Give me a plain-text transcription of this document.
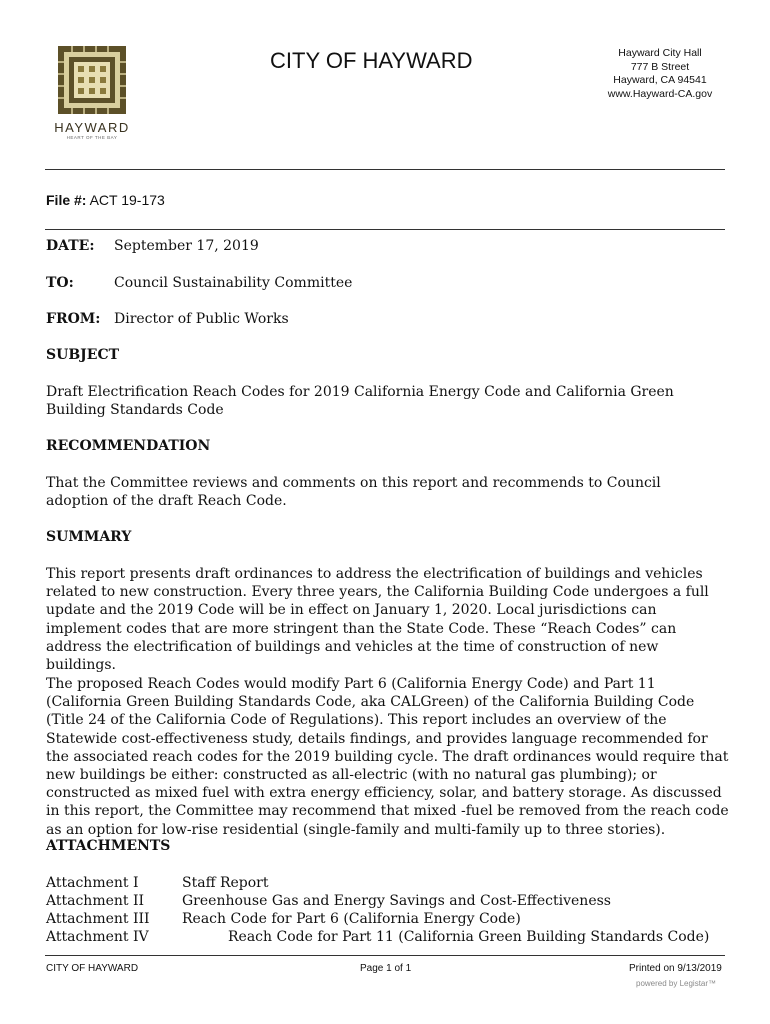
HAYWARD
HEART OF THE BAY
CITY OF HAYWARD	Hayward City Hall
777 B Street
Hayward, CA 94541
www.Hayward-CA.gov
File #: ACT 19-173
DATE: September 17, 2019
TO:	Council Sustainability Committee
FROM: Director of Public Works
SUBJECT
Draft Electrification Reach Codes for 2019 California Energy Code and California Green Building Standards Code
RECOMMENDATION
That the Committee reviews and comments on this report and recommends to Council adoption of the draft Reach Code.
SUMMARY
This report presents draft ordinances to address the electrification of buildings and vehicles related to new construction. Every three years, the California Building Code undergoes a full update and the 2019 Code will be in effect on January 1, 2020. Local jurisdictions can implement codes that are more stringent than the State Code. These “Reach Codes” can address the electrification of buildings and vehicles at the time of construction of new buildings.
The proposed Reach Codes would modify Part 6 (California Energy Code) and Part 11 (California Green Building Standards Code, aka CALGreen) of the California Building Code (Title 24 of the California Code of Regulations). This report includes an overview of the Statewide cost-effectiveness study, details findings, and provides language recommended for the associated reach codes for the 2019 building cycle. The draft ordinances would require that new buildings be either: constructed as all-electric (with no natural gas plumbing); or constructed as mixed fuel with extra energy efficiency, solar, and battery storage. As discussed in this report, the Committee may recommend that mixed -fuel be removed from the reach code as an option for low-rise residential (single-family and multi-family up to three stories).
ATTACHMENTS
Attachment I	Staff Report
Attachment II	Greenhouse Gas and Energy Savings and Cost-Effectiveness
Attachment III Reach Code for Part 6 (California Energy Code)
Attachment IV	Reach Code for Part 11 (California Green Building Standards Code)
CITY OF HAYWARD	Page 1 of 1	Printed on 9/13/2019
powered by Legistar™
